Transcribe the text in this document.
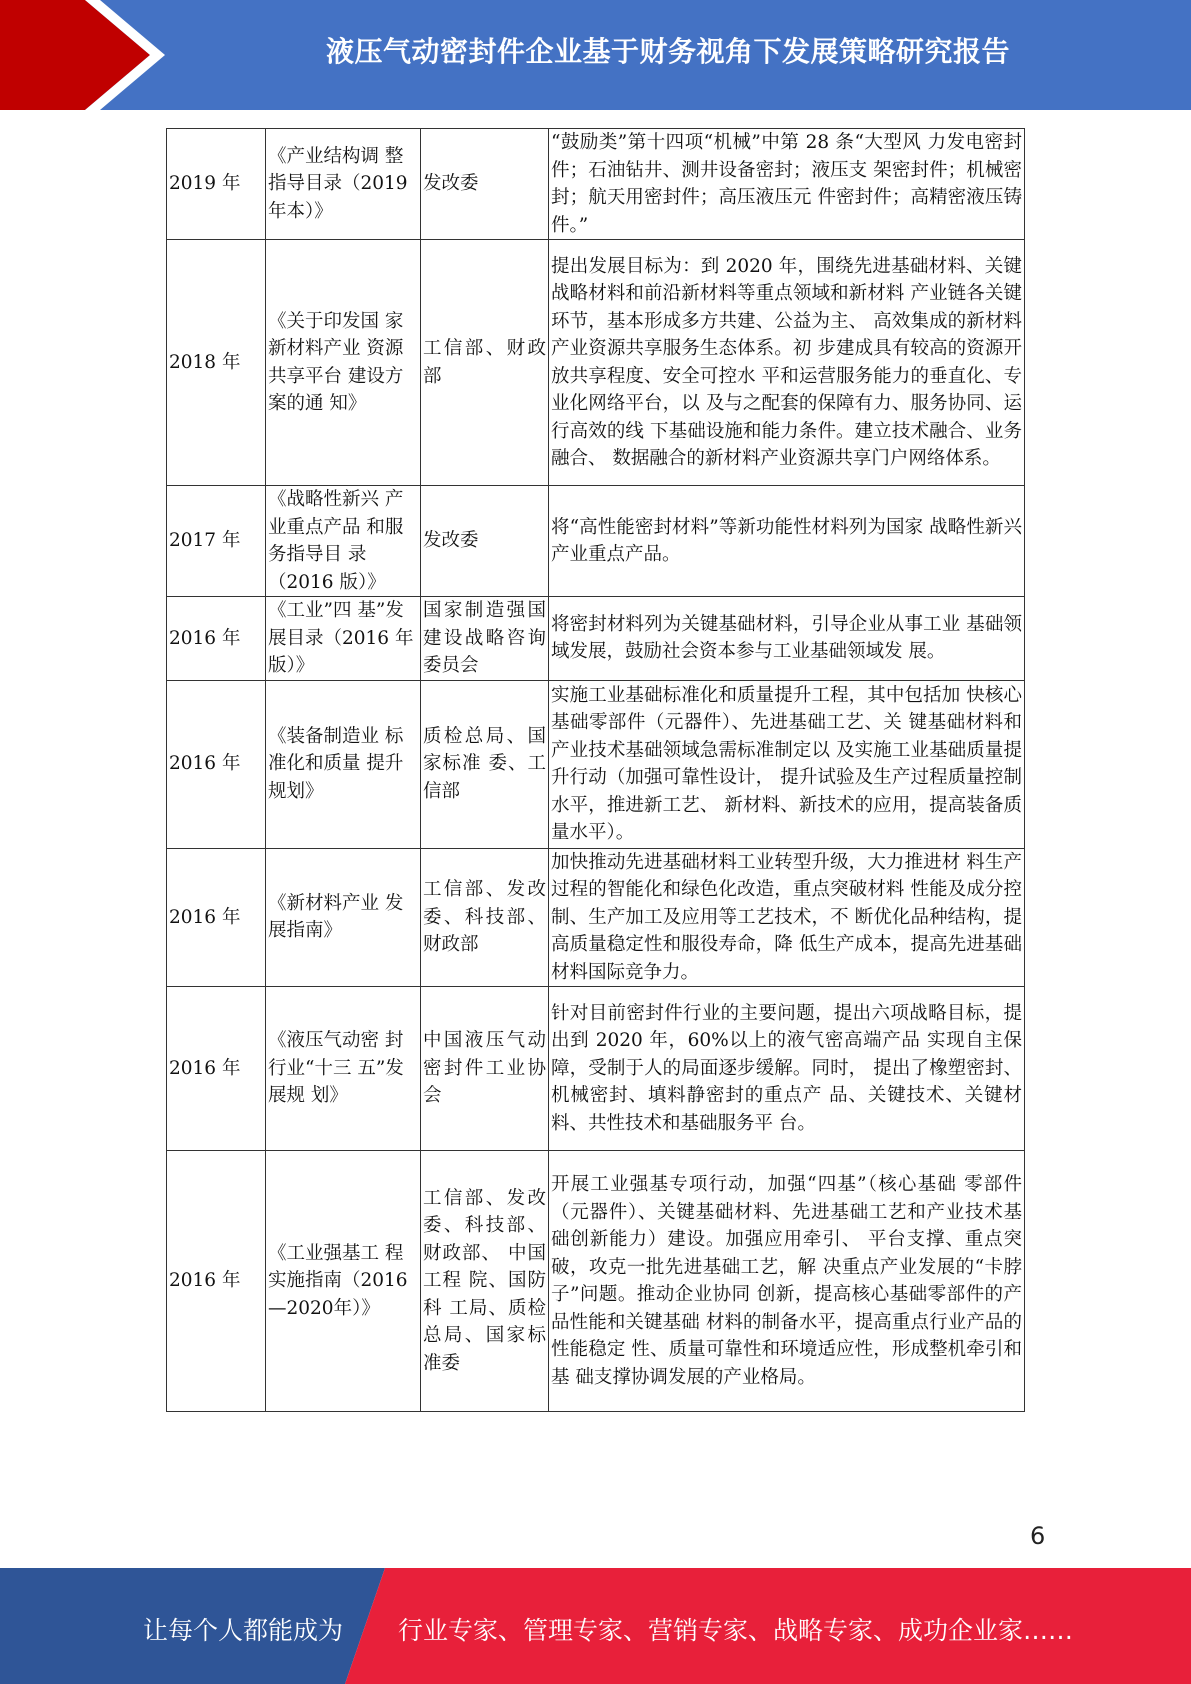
液压气动密封件企业基于财务视角下发展策略研究报告
2019 年	《产业结构调 整指导目录（2019 年本）》	发改委	“鼓励类”第十四项“机械”中第 28 条“大型风 力发电密封件；石油钻井、测井设备密封；液压支 架密封件；机械密封；航天用密封件；高压液压元 件密封件；高精密液压铸件。”
2018 年	《关于印发国 家新材料产业 资源共享平台 建设方案的通 知》	工信部、财政部	提出发展目标为：到 2020 年，围绕先进基础材料、关键战略材料和前沿新材料等重点领域和新材料 产业链各关键环节，基本形成多方共建、公益为主、 高效集成的新材料产业资源共享服务生态体系。初 步建成具有较高的资源开放共享程度、安全可控水 平和运营服务能力的垂直化、专业化网络平台，以 及与之配套的保障有力、服务协同、运行高效的线 下基础设施和能力条件。建立技术融合、业务融合、 数据融合的新材料产业资源共享门户网络体系。
2017 年	《战略性新兴 产业重点产品 和服务指导目 录（2016 版）》	发改委	将“高性能密封材料”等新功能性材料列为国家 战略性新兴产业重点产品。
2016 年	《工业”四 基”发展目录（2016 年版）》	国家制造强国建设战略咨询委员会	将密封材料列为关键基础材料，引导企业从事工业 基础领域发展，鼓励社会资本参与工业基础领域发 展。
2016 年	《装备制造业 标准化和质量 提升规划》	质检总局、国家标准 委、工信部	实施工业基础标准化和质量提升工程，其中包括加 快核心基础零部件（元器件）、先进基础工艺、关 键基础材料和产业技术基础领域急需标准制定以 及实施工业基础质量提升行动（加强可靠性设计， 提升试验及生产过程质量控制水平，推进新工艺、 新材料、新技术的应用，提高装备质量水平）。
2016 年	《新材料产业 发展指南》	工信部、发改委、科技部、财政部	加快推动先进基础材料工业转型升级，大力推进材 料生产过程的智能化和绿色化改造，重点突破材料 性能及成分控制、生产加工及应用等工艺技术，不 断优化品种结构，提高质量稳定性和服役寿命，降 低生产成本，提高先进基础材料国际竞争力。
2016 年	《液压气动密 封行业“十三 五”发展规 划》	中国液压气动密封件工业协会	针对目前密封件行业的主要问题，提出六项战略目标，提出到 2020 年，60%以上的液气密高端产品 实现自主保障，受制于人的局面逐步缓解。同时， 提出了橡塑密封、机械密封、填料静密封的重点产 品、关键技术、关键材料、共性技术和基础服务平 台。
2016 年	《工业强基工 程实施指南（2016—2020年）》	工信部、发改委、科技部、财政部、 中国工程 院、国防科 工局、质检 总局、国家标准委	开展工业强基专项行动，加强“四基”（核心基础 零部件（元器件）、关键基础材料、先进基础工艺和产业技术基础创新能力）建设。加强应用牵引、 平台支撑、重点突破，攻克一批先进基础工艺，解 决重点产业发展的“卡脖子”问题。推动企业协同 创新，提高核心基础零部件的产品性能和关键基础 材料的制备水平，提高重点行业产品的性能稳定 性、质量可靠性和环境适应性，形成整机牵引和基 础支撑协调发展的产业格局。
6
让每个人都能成为 行业专家、管理专家、营销专家、战略专家、成功企业家……
